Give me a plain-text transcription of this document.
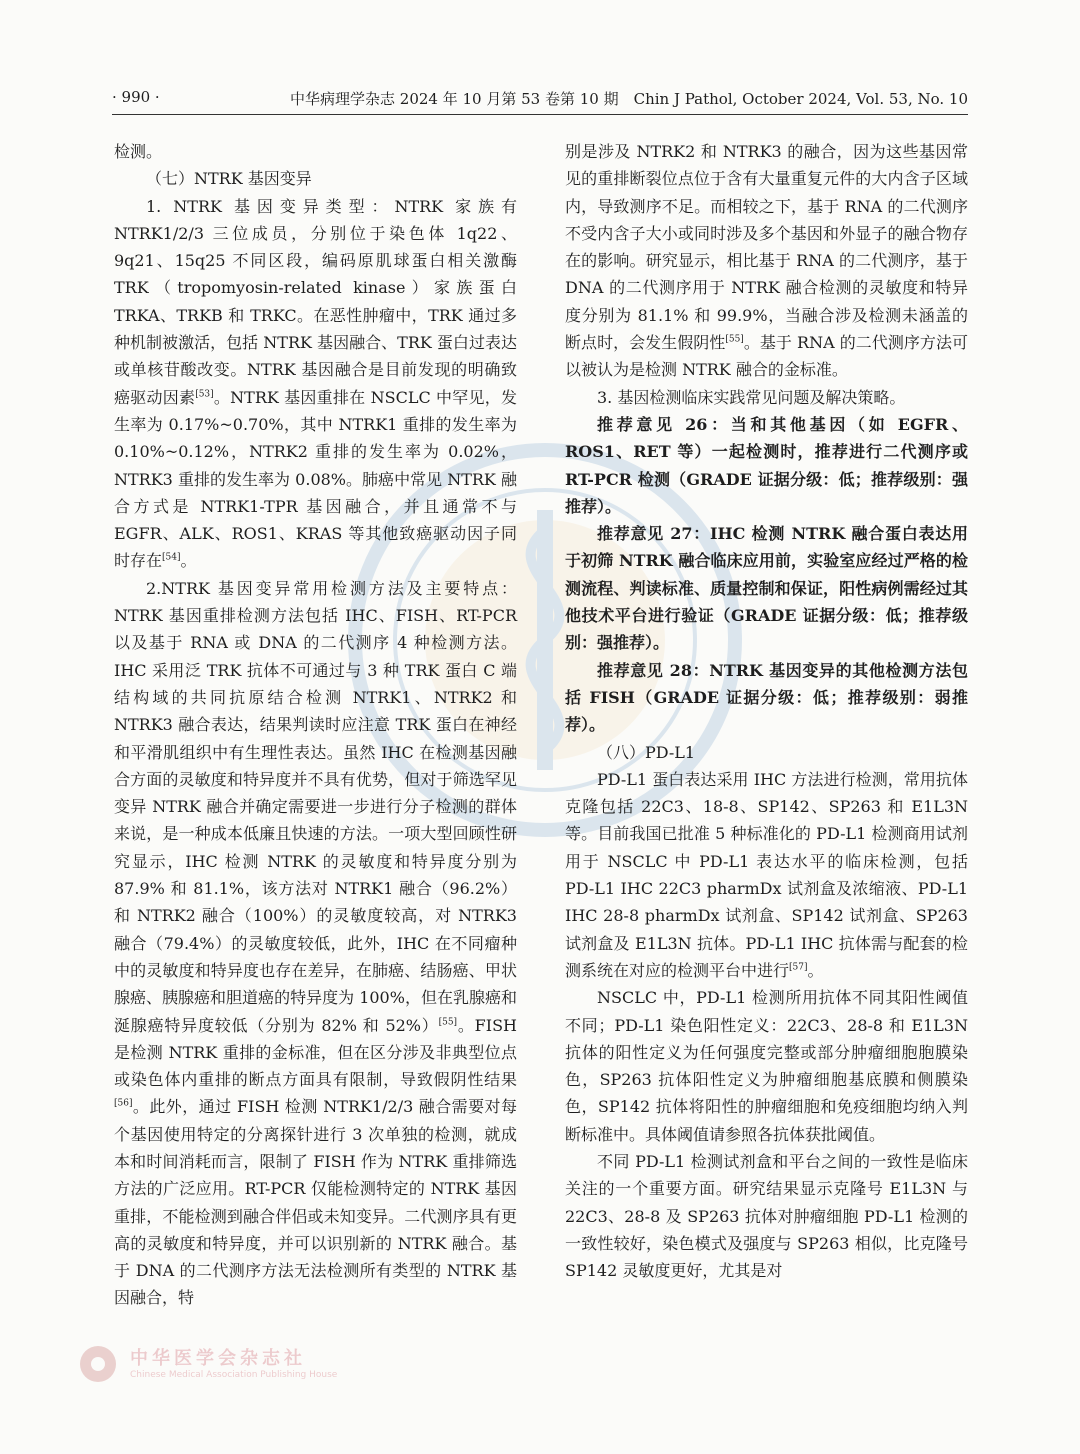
· 990 ·	中华病理学杂志 2024 年 10 月第 53 卷第 10 期　Chin J Pathol, October 2024, Vol. 53, No. 10

检测。

（七）NTRK 基因变异

1. NTRK 基因变异类型：NTRK 家族有NTRK1/2/3 三位成员，分别位于染色体 1q22、9q21、15q25 不同区段，编码原肌球蛋白相关激酶 TRK（tropomyosin-related kinase）家族蛋白 TRKA、TRKB 和 TRKC。在恶性肿瘤中，TRK 通过多种机制被激活，包括 NTRK 基因融合、TRK 蛋白过表达或单核苷酸改变。NTRK 基因融合是目前发现的明确致癌驱动因素[53]。NTRK 基因重排在 NSCLC 中罕见，发生率为 0.17%~0.70%，其中 NTRK1 重排的发生率为 0.10%~0.12%，NTRK2 重排的发生率为 0.02%，NTRK3 重排的发生率为 0.08%。肺癌中常见 NTRK 融合方式是 NTRK1-TPR 基因融合，并且通常不与 EGFR、ALK、ROS1、KRAS 等其他致癌驱动因子同时存在[54]。

2.NTRK 基因变异常用检测方法及主要特点：NTRK 基因重排检测方法包括 IHC、FISH、RT-PCR 以及基于 RNA 或 DNA 的二代测序 4 种检测方法。IHC 采用泛 TRK 抗体不可通过与 3 种 TRK 蛋白 C 端结构域的共同抗原结合检测 NTRK1、NTRK2 和 NTRK3 融合表达，结果判读时应注意 TRK 蛋白在神经和平滑肌组织中有生理性表达。虽然 IHC 在检测基因融合方面的灵敏度和特异度并不具有优势，但对于筛选罕见变异 NTRK 融合并确定需要进一步进行分子检测的群体来说，是一种成本低廉且快速的方法。一项大型回顾性研究显示，IHC 检测 NTRK 的灵敏度和特异度分别为 87.9% 和 81.1%，该方法对 NTRK1 融合（96.2%）和 NTRK2 融合（100%）的灵敏度较高，对 NTRK3 融合（79.4%）的灵敏度较低，此外，IHC 在不同瘤种中的灵敏度和特异度也存在差异，在肺癌、结肠癌、甲状腺癌、胰腺癌和胆道癌的特异度为 100%，但在乳腺癌和涎腺癌特异度较低（分别为 82% 和 52%）[55]。FISH 是检测 NTRK 重排的金标准，但在区分涉及非典型位点或染色体内重排的断点方面具有限制，导致假阴性结果[56]。此外，通过 FISH 检测 NTRK1/2/3 融合需要对每个基因使用特定的分离探针进行 3 次单独的检测，就成本和时间消耗而言，限制了 FISH 作为 NTRK 重排筛选方法的广泛应用。RT-PCR 仅能检测特定的 NTRK 基因重排，不能检测到融合伴侣或未知变异。二代测序具有更高的灵敏度和特异度，并可以识别新的 NTRK 融合。基于 DNA 的二代测序方法无法检测所有类型的 NTRK 基因融合，特

别是涉及 NTRK2 和 NTRK3 的融合，因为这些基因常见的重排断裂位点位于含有大量重复元件的大内含子区域内，导致测序不足。而相较之下，基于 RNA 的二代测序不受内含子大小或同时涉及多个基因和外显子的融合物存在的影响。研究显示，相比基于 RNA 的二代测序，基于 DNA 的二代测序用于 NTRK 融合检测的灵敏度和特异度分别为 81.1% 和 99.9%，当融合涉及检测未涵盖的断点时，会发生假阴性[55]。基于 RNA 的二代测序方法可以被认为是检测 NTRK 融合的金标准。

3. 基因检测临床实践常见问题及解决策略。

推荐意见 26：当和其他基因（如 EGFR、ROS1、RET 等）一起检测时，推荐进行二代测序或 RT-PCR 检测（GRADE 证据分级：低；推荐级别：强推荐）。

推荐意见 27：IHC 检测 NTRK 融合蛋白表达用于初筛 NTRK 融合临床应用前，实验室应经过严格的检测流程、判读标准、质量控制和保证，阳性病例需经过其他技术平台进行验证（GRADE 证据分级：低；推荐级别：强推荐）。

推荐意见 28：NTRK 基因变异的其他检测方法包括 FISH（GRADE 证据分级：低；推荐级别：弱推荐）。

（八）PD-L1

PD-L1 蛋白表达采用 IHC 方法进行检测，常用抗体克隆包括 22C3、18-8、SP142、SP263 和 E1L3N 等。目前我国已批准 5 种标准化的 PD-L1 检测商用试剂用于 NSCLC 中 PD-L1 表达水平的临床检测，包括 PD-L1 IHC 22C3 pharmDx 试剂盒及浓缩液、PD-L1 IHC 28-8 pharmDx 试剂盒、SP142 试剂盒、SP263 试剂盒及 E1L3N 抗体。PD-L1 IHC 抗体需与配套的检测系统在对应的检测平台中进行[57]。

NSCLC 中，PD-L1 检测所用抗体不同其阳性阈值不同；PD-L1 染色阳性定义：22C3、28-8 和 E1L3N 抗体的阳性定义为任何强度完整或部分肿瘤细胞胞膜染色，SP263 抗体阳性定义为肿瘤细胞基底膜和侧膜染色，SP142 抗体将阳性的肿瘤细胞和免疫细胞均纳入判断标准中。具体阈值请参照各抗体获批阈值。

不同 PD-L1 检测试剂盒和平台之间的一致性是临床关注的一个重要方面。研究结果显示克隆号 E1L3N 与 22C3、28-8 及 SP263 抗体对肿瘤细胞 PD-L1 检测的一致性较好，染色模式及强度与 SP263 相似，比克隆号 SP142 灵敏度更好，尤其是对

中华医学会杂志社
Chinese Medical Association Publishing House
